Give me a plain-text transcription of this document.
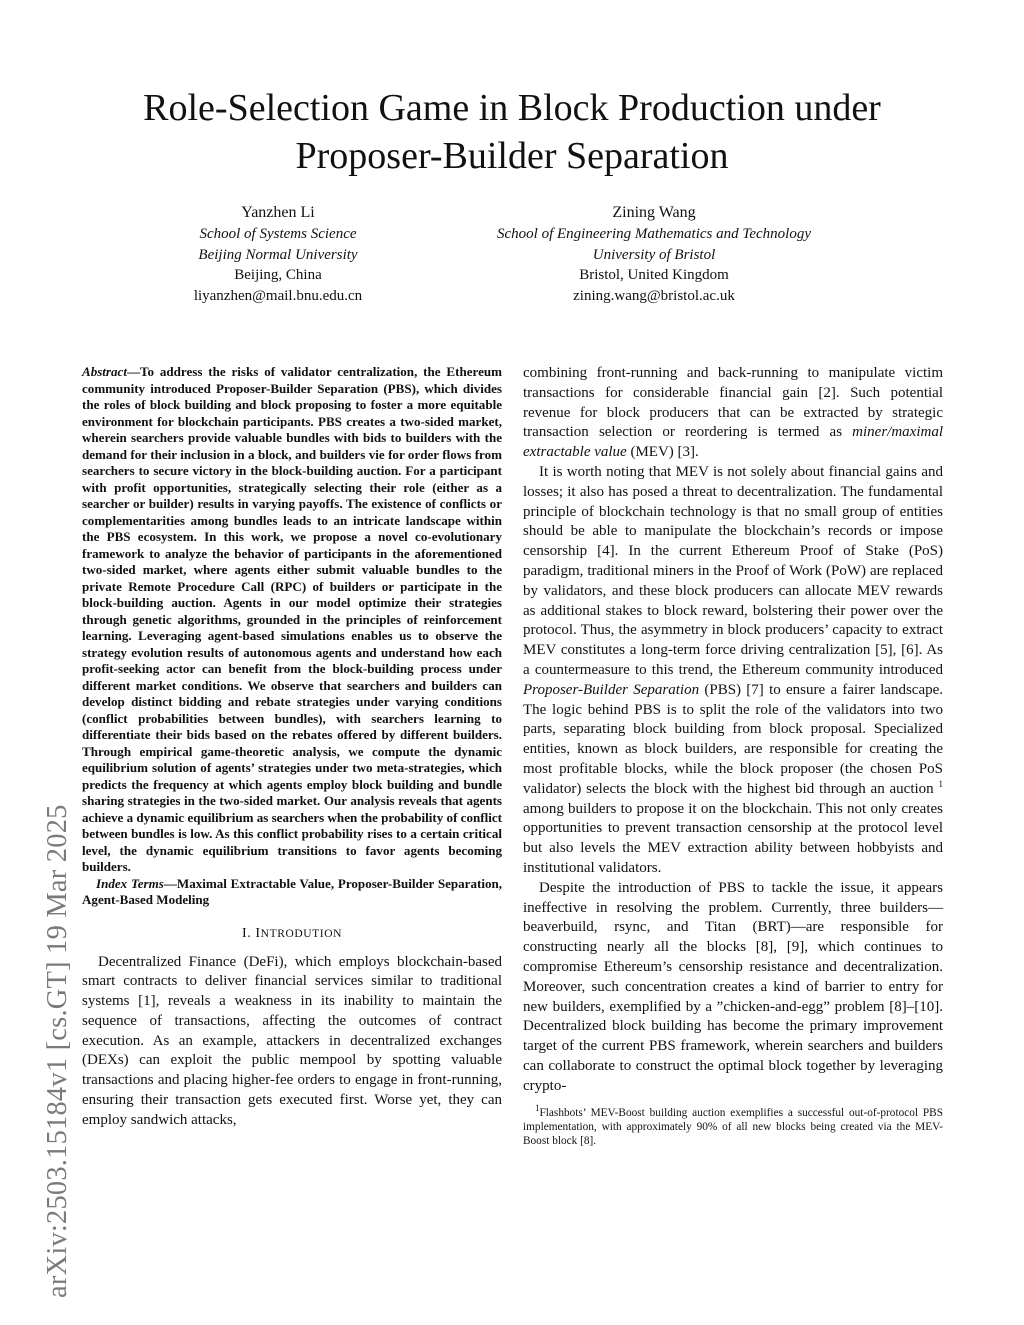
arXiv:2503.15184v1 [cs.GT] 19 Mar 2025
Role-Selection Game in Block Production under
Proposer-Builder Separation
Yanzhen Li
School of Systems Science
Beijing Normal University
Beijing, China
liyanzhen@mail.bnu.edu.cn
Zining Wang
School of Engineering Mathematics and Technology
University of Bristol
Bristol, United Kingdom
zining.wang@bristol.ac.uk

Abstract—To address the risks of validator centralization, the Ethereum community introduced Proposer-Builder Separation (PBS), which divides the roles of block building and block proposing to foster a more equitable environment for blockchain participants. PBS creates a two-sided market, wherein searchers provide valuable bundles with bids to builders with the demand for their inclusion in a block, and builders vie for order flows from searchers to secure victory in the block-building auction. For a participant with profit opportunities, strategically selecting their role (either as a searcher or builder) results in varying payoffs. The existence of conflicts or complementarities among bundles leads to an intricate landscape within the PBS ecosystem. In this work, we propose a novel co-evolutionary framework to analyze the behavior of participants in the aforementioned two-sided market, where agents either submit valuable bundles to the private Remote Procedure Call (RPC) of builders or participate in the block-building auction. Agents in our model optimize their strategies through genetic algorithms, grounded in the principles of reinforcement learning. Leveraging agent-based simulations enables us to observe the strategy evolution results of autonomous agents and understand how each profit-seeking actor can benefit from the block-building process under different market conditions. We observe that searchers and builders can develop distinct bidding and rebate strategies under varying conditions (conflict probabilities between bundles), with searchers learning to differentiate their bids based on the rebates offered by different builders. Through empirical game-theoretic analysis, we compute the dynamic equilibrium solution of agents’ strategies under two meta-strategies, which predicts the frequency at which agents employ block building and bundle sharing strategies in the two-sided market. Our analysis reveals that agents achieve a dynamic equilibrium as searchers when the probability of conflict between bundles is low. As this conflict probability rises to a certain critical level, the dynamic equilibrium transitions to favor agents becoming builders.

Index Terms—Maximal Extractable Value, Proposer-Builder Separation, Agent-Based Modeling

I. INTRODUTION

Decentralized Finance (DeFi), which employs blockchain-based smart contracts to deliver financial services similar to traditional systems [1], reveals a weakness in its inability to maintain the sequence of transactions, affecting the outcomes of contract execution. As an example, attackers in decentralized exchanges (DEXs) can exploit the public mempool by spotting valuable transactions and placing higher-fee orders to engage in front-running, ensuring their transaction gets executed first. Worse yet, they can employ sandwich attacks,

combining front-running and back-running to manipulate victim transactions for considerable financial gain [2]. Such potential revenue for block producers that can be extracted by strategic transaction selection or reordering is termed as miner/maximal extractable value (MEV) [3].

It is worth noting that MEV is not solely about financial gains and losses; it also has posed a threat to decentralization. The fundamental principle of blockchain technology is that no small group of entities should be able to manipulate the blockchain’s records or impose censorship [4]. In the current Ethereum Proof of Stake (PoS) paradigm, traditional miners in the Proof of Work (PoW) are replaced by validators, and these block producers can allocate MEV rewards as additional stakes to block reward, bolstering their power over the protocol. Thus, the asymmetry in block producers’ capacity to extract MEV constitutes a long-term force driving centralization [5], [6]. As a countermeasure to this trend, the Ethereum community introduced Proposer-Builder Separation (PBS) [7] to ensure a fairer landscape. The logic behind PBS is to split the role of the validators into two parts, separating block building from block proposal. Specialized entities, known as block builders, are responsible for creating the most profitable blocks, while the block proposer (the chosen PoS validator) selects the block with the highest bid through an auction $^1$ among builders to propose it on the blockchain. This not only creates opportunities to prevent transaction censorship at the protocol level but also levels the MEV extraction ability between hobbyists and institutional validators.

Despite the introduction of PBS to tackle the issue, it appears ineffective in resolving the problem. Currently, three builders—beaverbuild, rsync, and Titan (BRT)—are responsible for constructing nearly all the blocks [8], [9], which continues to compromise Ethereum’s censorship resistance and decentralization. Moreover, such concentration creates a kind of barrier to entry for new builders, exemplified by a ”chicken-and-egg” problem [8]–[10]. Decentralized block building has become the primary improvement target of the current PBS framework, wherein searchers and builders can collaborate to construct the optimal block together by leveraging crypto-

$^1$Flashbots’ MEV-Boost building auction exemplifies a successful out-of-protocol PBS implementation, with approximately 90% of all new blocks being created via the MEV-Boost block [8].
